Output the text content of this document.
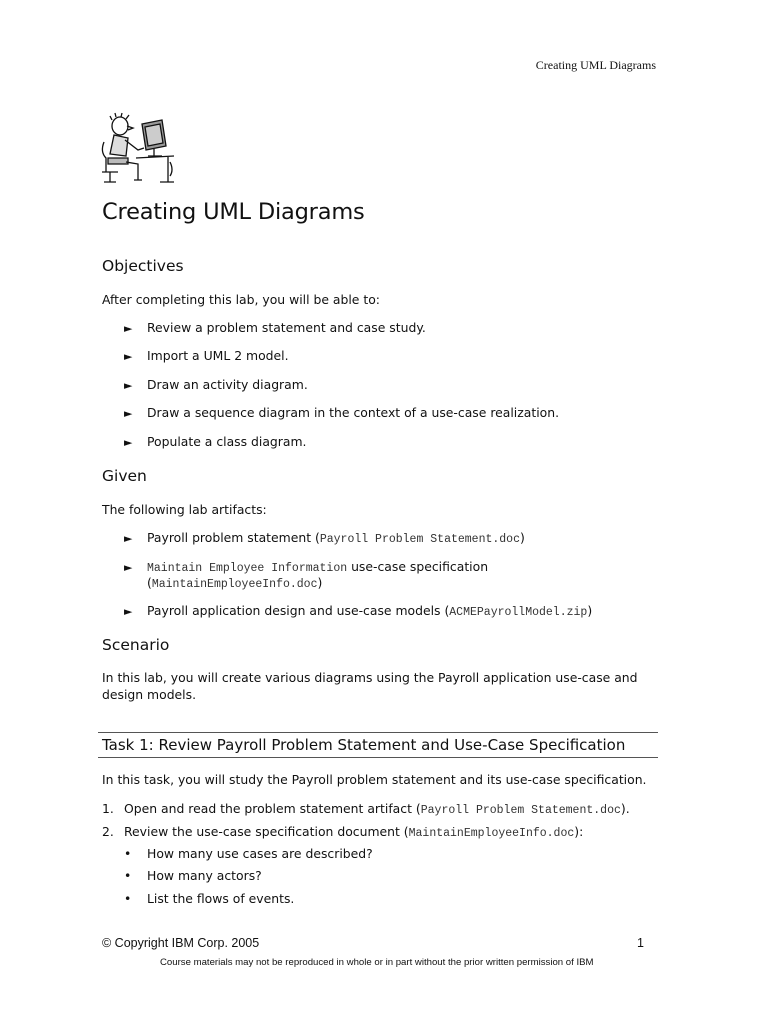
Creating UML Diagrams
Creating UML Diagrams
Objectives

After completing this lab, you will be able to:

► Review a problem statement and case study.
► Import a UML 2 model.
► Draw an activity diagram.
► Draw a sequence diagram in the context of a use-case realization.
► Populate a class diagram.
Given

The following lab artifacts:

► Payroll problem statement (Payroll Problem Statement.doc)
► Maintain Employee Information use-case specification
(MaintainEmployeeInfo.doc)
► Payroll application design and use-case models (ACMEPayrollModel.zip)
Scenario

In this lab, you will create various diagrams using the Payroll application use-case and

design models.

Task 1: Review Payroll Problem Statement and Use-Case Specification

In this task, you will study the Payroll problem statement and its use-case specification.

1. Open and read the problem statement artifact (Payroll Problem Statement.doc).
2. Review the use-case specification document (MaintainEmployeeInfo.doc):
• How many use cases are described?
• How many actors?
• List the flows of events.
© Copyright IBM Corp. 2005	1
Course materials may not be reproduced in whole or in part without the prior written permission of IBM
